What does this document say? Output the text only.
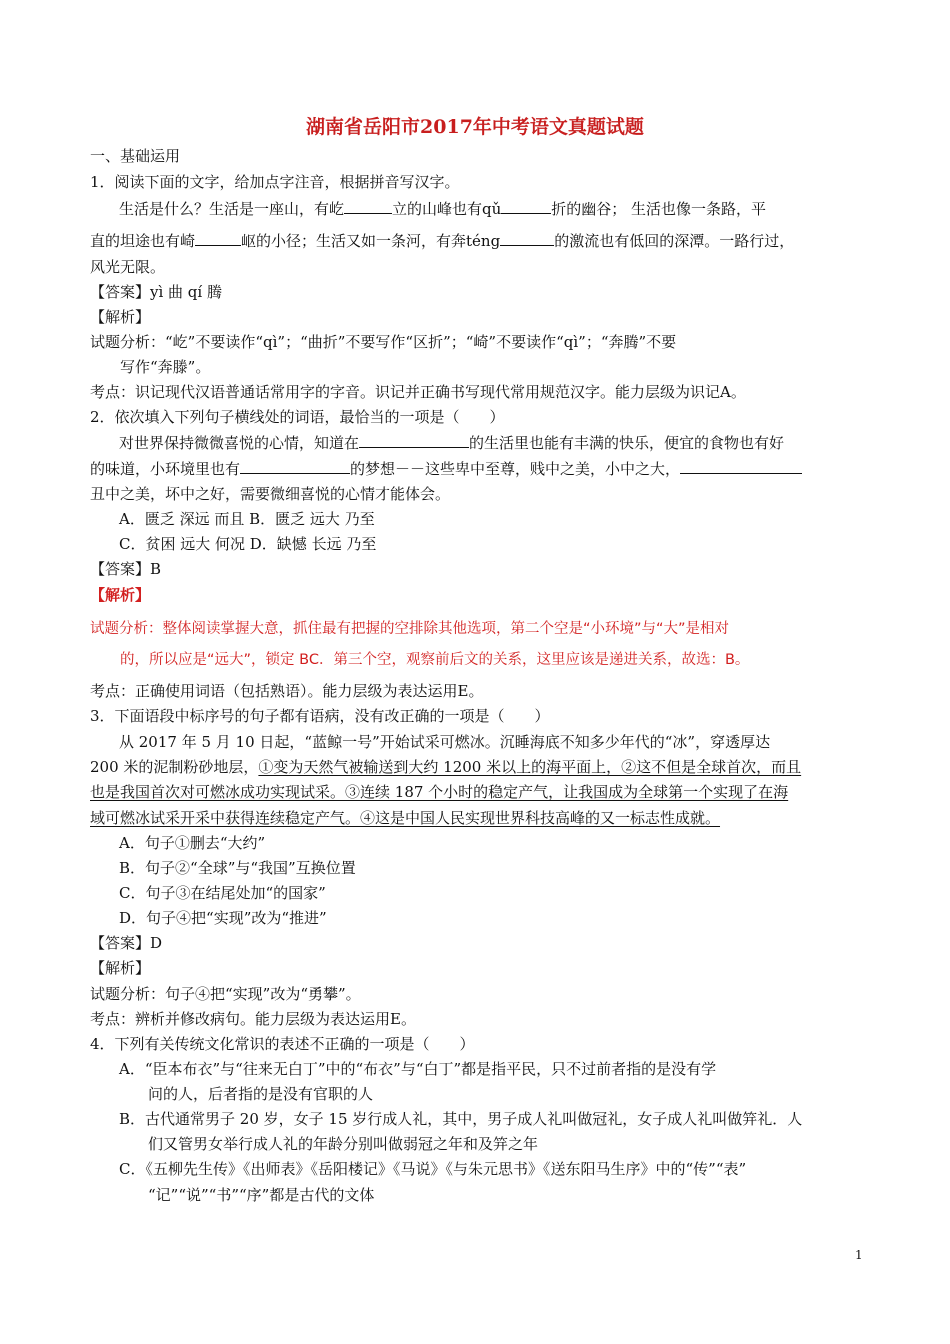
湖南省岳阳市2017年中考语文真题试题
一、基础运用
1．阅读下面的文字，给加点字注音，根据拼音写汉字。
生活是什么？生活是一座山，有屹	立的山峰也有qǔ	折的幽谷； 生活也像一条路，平
直的坦途也有崎	岖的小径；生活又如一条河，有奔téng	的激流也有低回的深潭。一路行过，
风光无限。
【答案】yì 曲 qí 腾
【解析】
试题分析：“屹”不要读作“qì”；“曲折”不要写作“区折”；“崎”不要读作“qì”；“奔腾”不要
写作“奔滕”。
考点：识记现代汉语普通话常用字的字音。识记并正确书写现代常用规范汉字。能力层级为识记A。
2．依次填入下列句子横线处的词语，最恰当的一项是（　　）
对世界保持微微喜悦的心情，知道在	的生活里也能有丰满的快乐，便宜的食物也有好
的味道，小环境里也有	的梦想－－这些卑中至尊，贱中之美，小中之大，
丑中之美，坏中之好，需要微细喜悦的心情才能体会。
A．匮乏 深远 而且 B．匮乏 远大 乃至
C．贫困 远大 何况 D．缺憾 长远 乃至
【答案】B
【解析】
试题分析：整体阅读掌握大意，抓住最有把握的空排除其他选项，第二个空是“小环境”与“大”是相对
的，所以应是“远大”，锁定 BC．第三个空，观察前后文的关系，这里应该是递进关系，故选：B。
考点：正确使用词语（包括熟语）。能力层级为表达运用E。
3．下面语段中标序号的句子都有语病，没有改正确的一项是（　　）
从 2017 年 5 月 10 日起，“蓝鲸一号”开始试采可燃冰。沉睡海底不知多少年代的“冰”，穿透厚达
200 米的泥制粉砂地层，①变为天然气被输送到大约 1200 米以上的海平面上，②这不但是全球首次，而且
也是我国首次对可燃冰成功实现试采。③连续 187 个小时的稳定产气，让我国成为全球第一个实现了在海
域可燃冰试采开采中获得连续稳定产气。④这是中国人民实现世界科技高峰的又一标志性成就。
A．句子①删去“大约”
B．句子②“全球”与“我国”互换位置
C．句子③在结尾处加“的国家”
D．句子④把“实现”改为“推进”
【答案】D
【解析】
试题分析：句子④把“实现”改为“勇攀”。
考点：辨析并修改病句。能力层级为表达运用E。
4．下列有关传统文化常识的表述不正确的一项是（　　）
A．“臣本布衣”与“往来无白丁”中的“布衣”与“白丁”都是指平民，只不过前者指的是没有学
问的人，后者指的是没有官职的人
B．古代通常男子 20 岁，女子 15 岁行成人礼，其中，男子成人礼叫做冠礼，女子成人礼叫做笄礼．人
们又管男女举行成人礼的年龄分别叫做弱冠之年和及笄之年
C．《五柳先生传》《出师表》《岳阳楼记》《马说》《与朱元思书》《送东阳马生序》中的“传”“表”
“记”“说”“书”“序”都是古代的文体
1
